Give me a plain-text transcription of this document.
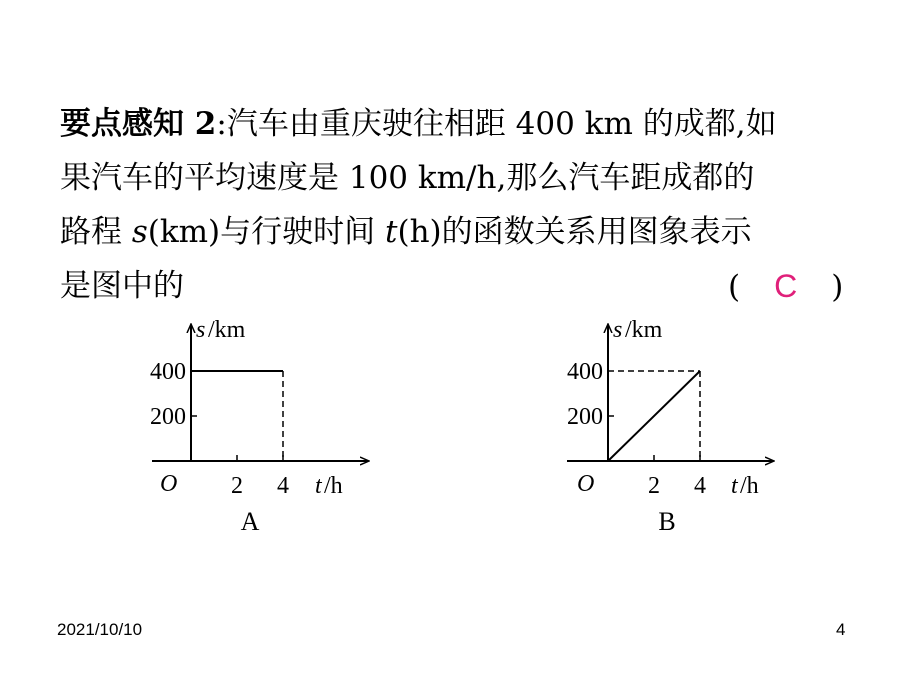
要点感知 2:汽车由重庆驶往相距 400 km 的成都,如
果汽车的平均速度是 100 km/h,那么汽车距成都的
路程 s(km)与行驶时间 t(h)的函数关系用图象表示
是图中的	( C )
s /km
400
200
O 2 4 t /h
A
s /km
400
200
O 2 4 t /h
B
2021/10/10	4
